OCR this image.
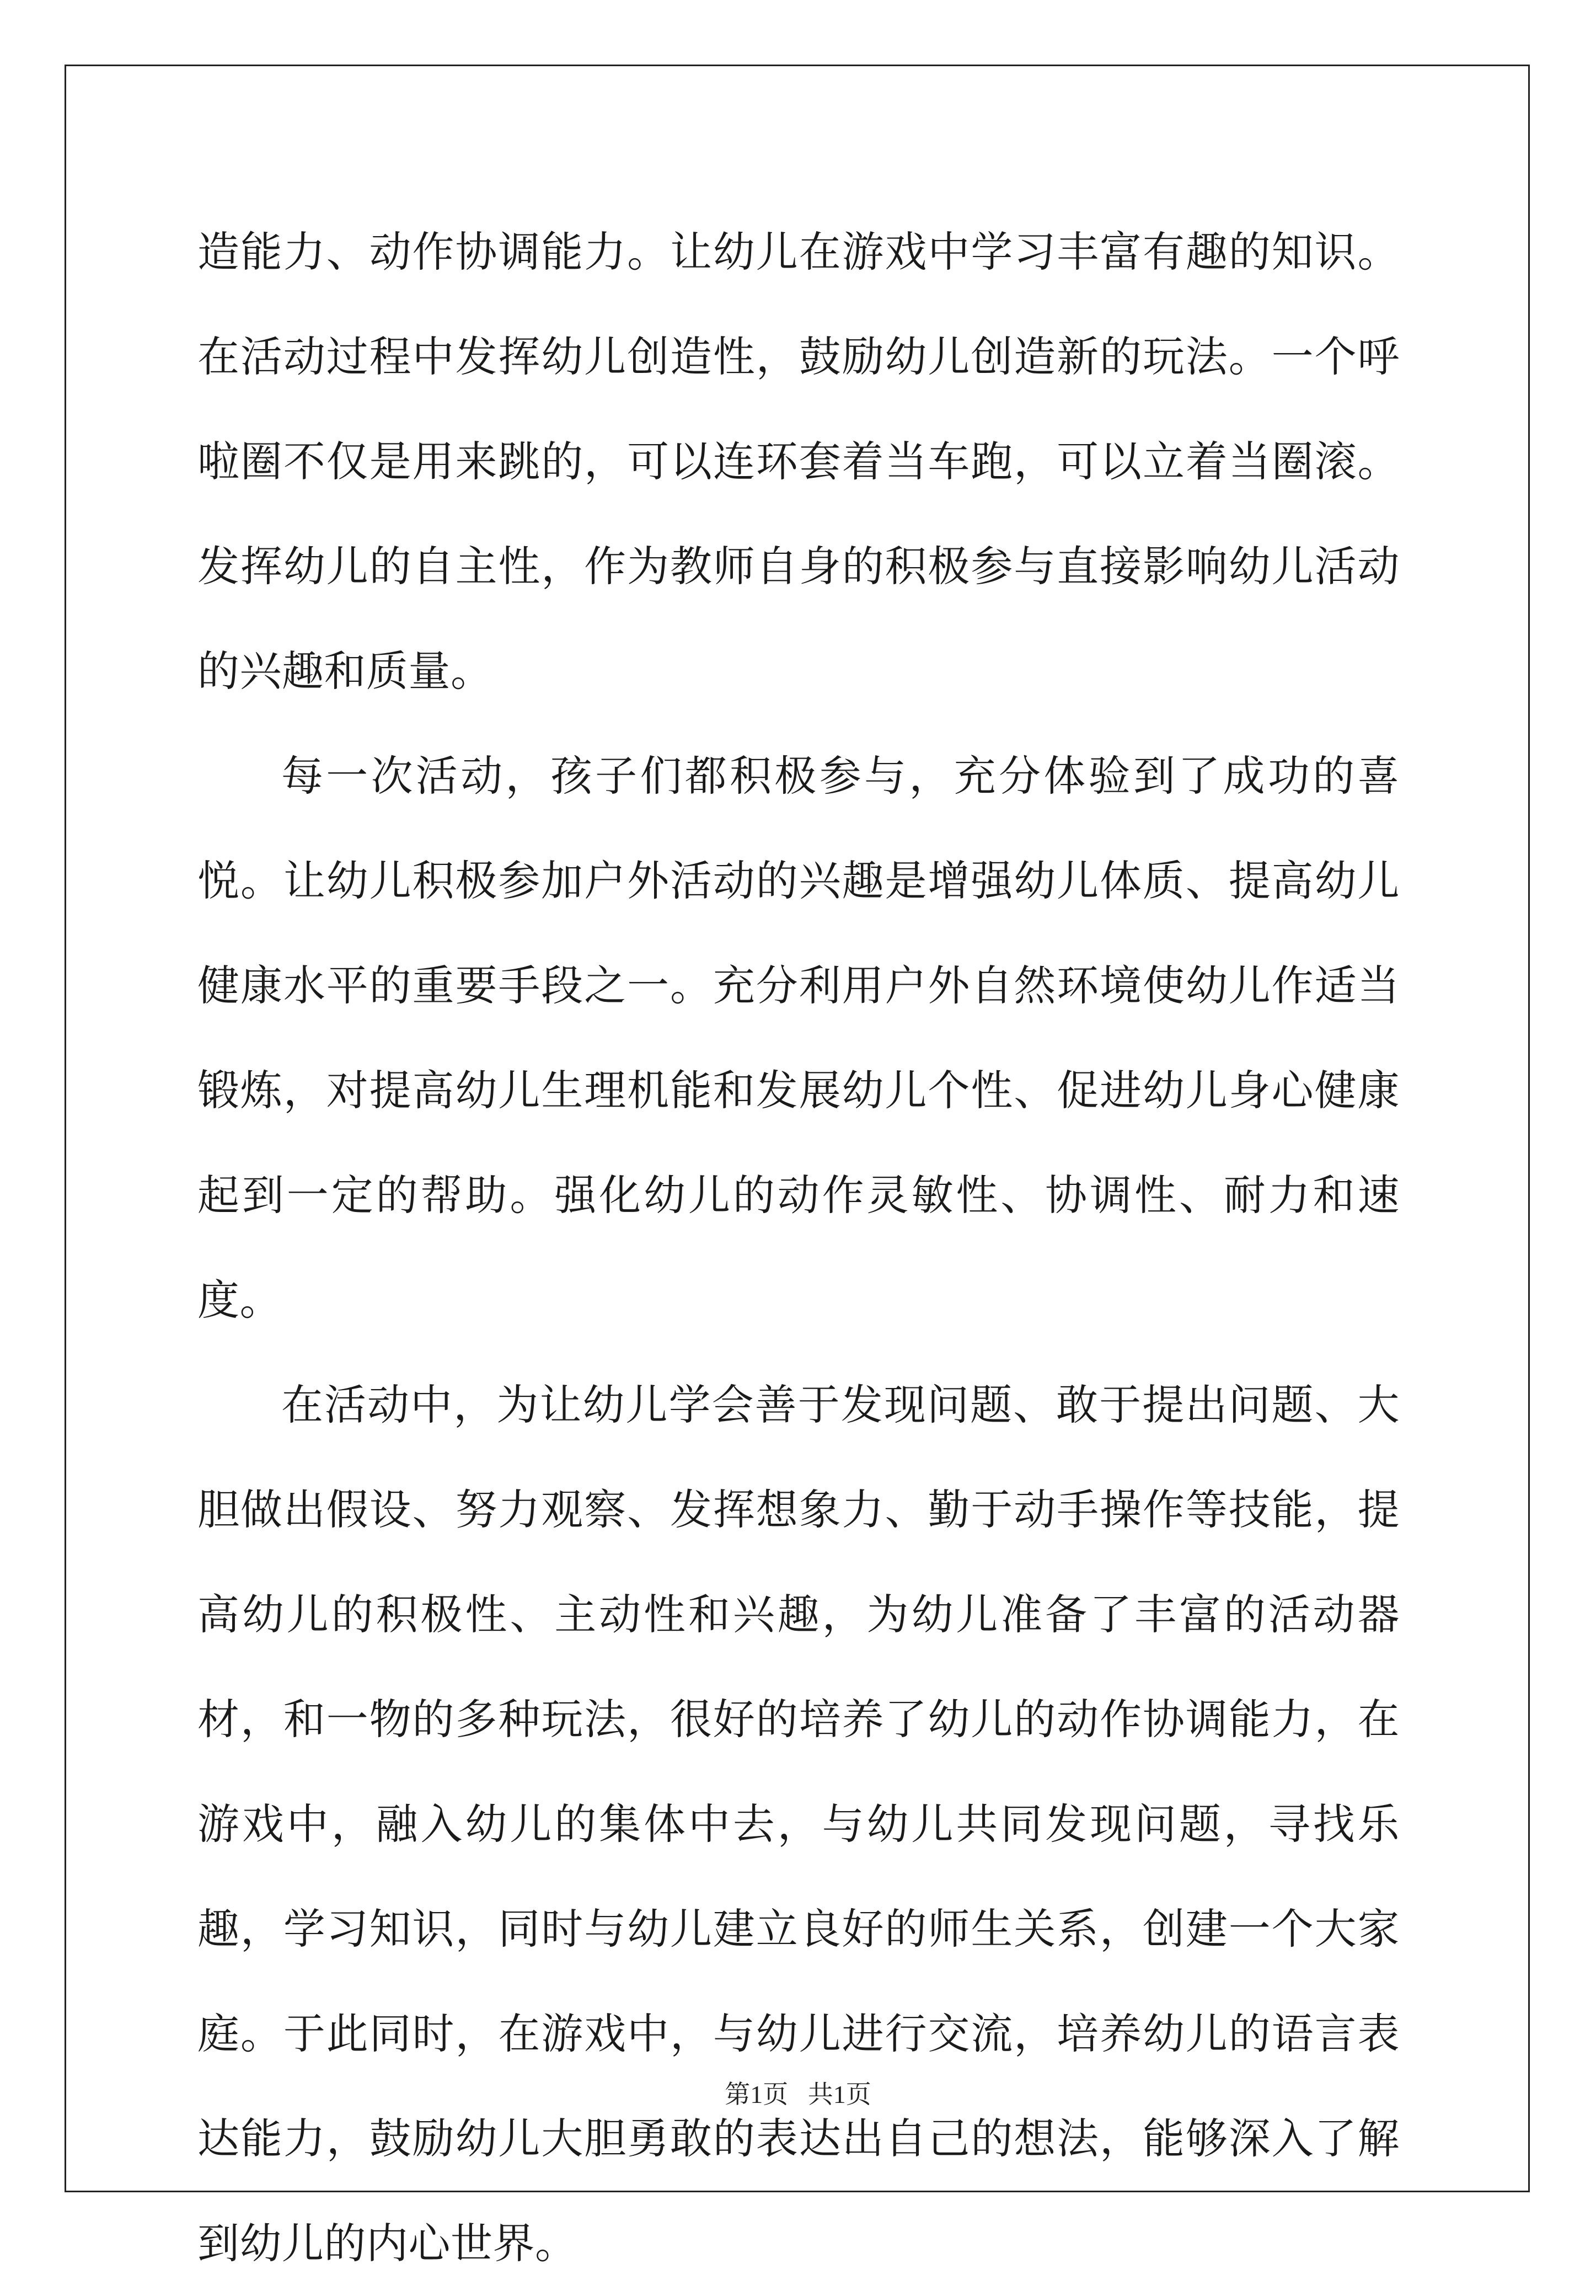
造能力、动作协调能力。让幼儿在游戏中学习丰富有趣的知识。在活动过程中发挥幼儿创造性，鼓励幼儿创造新的玩法。一个呼啦圈不仅是用来跳的，可以连环套着当车跑，可以立着当圈滚。发挥幼儿的自主性，作为教师自身的积极参与直接影响幼儿活动的兴趣和质量。

每一次活动，孩子们都积极参与，充分体验到了成功的喜悦。让幼儿积极参加户外活动的兴趣是增强幼儿体质、提高幼儿健康水平的重要手段之一。充分利用户外自然环境使幼儿作适当锻炼，对提高幼儿生理机能和发展幼儿个性、促进幼儿身心健康起到一定的帮助。强化幼儿的动作灵敏性、协调性、耐力和速度。

在活动中，为让幼儿学会善于发现问题、敢于提出问题、大胆做出假设、努力观察、发挥想象力、勤于动手操作等技能，提高幼儿的积极性、主动性和兴趣，为幼儿准备了丰富的活动器材，和一物的多种玩法，很好的培养了幼儿的动作协调能力，在游戏中，融入幼儿的集体中去，与幼儿共同发现问题，寻找乐趣，学习知识，同时与幼儿建立良好的师生关系，创建一个大家庭。于此同时，在游戏中，与幼儿进行交流，培养幼儿的语言表达能力，鼓励幼儿大胆勇敢的表达出自己的想法，能够深入了解到幼儿的内心世界。

第1页 共1页
